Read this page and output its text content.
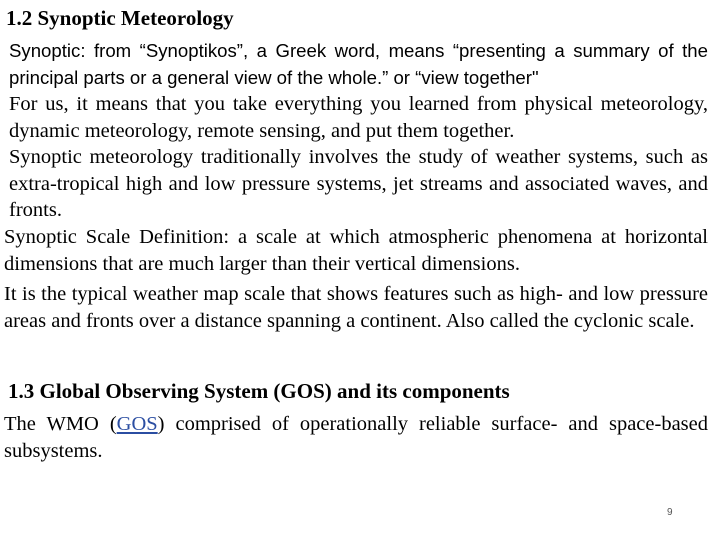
1.2 Synoptic Meteorology

Synoptic: from “Synoptikos”, a Greek word, means “presenting a summary of the principal parts or a general view of the whole.” or “view together"

For us, it means that you take everything you learned from physical meteorology, dynamic meteorology, remote sensing, and put them together.

Synoptic meteorology traditionally involves the study of weather systems, such as extra-tropical high and low pressure systems, jet streams and associated waves, and fronts.

Synoptic Scale Definition: a scale at which atmospheric phenomena at horizontal dimensions that are much larger than their vertical dimensions.

It is the typical weather map scale that shows features such as high- and low pressure areas and fronts over a distance spanning a continent. Also called the cyclonic scale.

1.3 Global Observing System (GOS) and its components

The WMO (GOS) comprised of operationally reliable surface- and space-based subsystems.

9
